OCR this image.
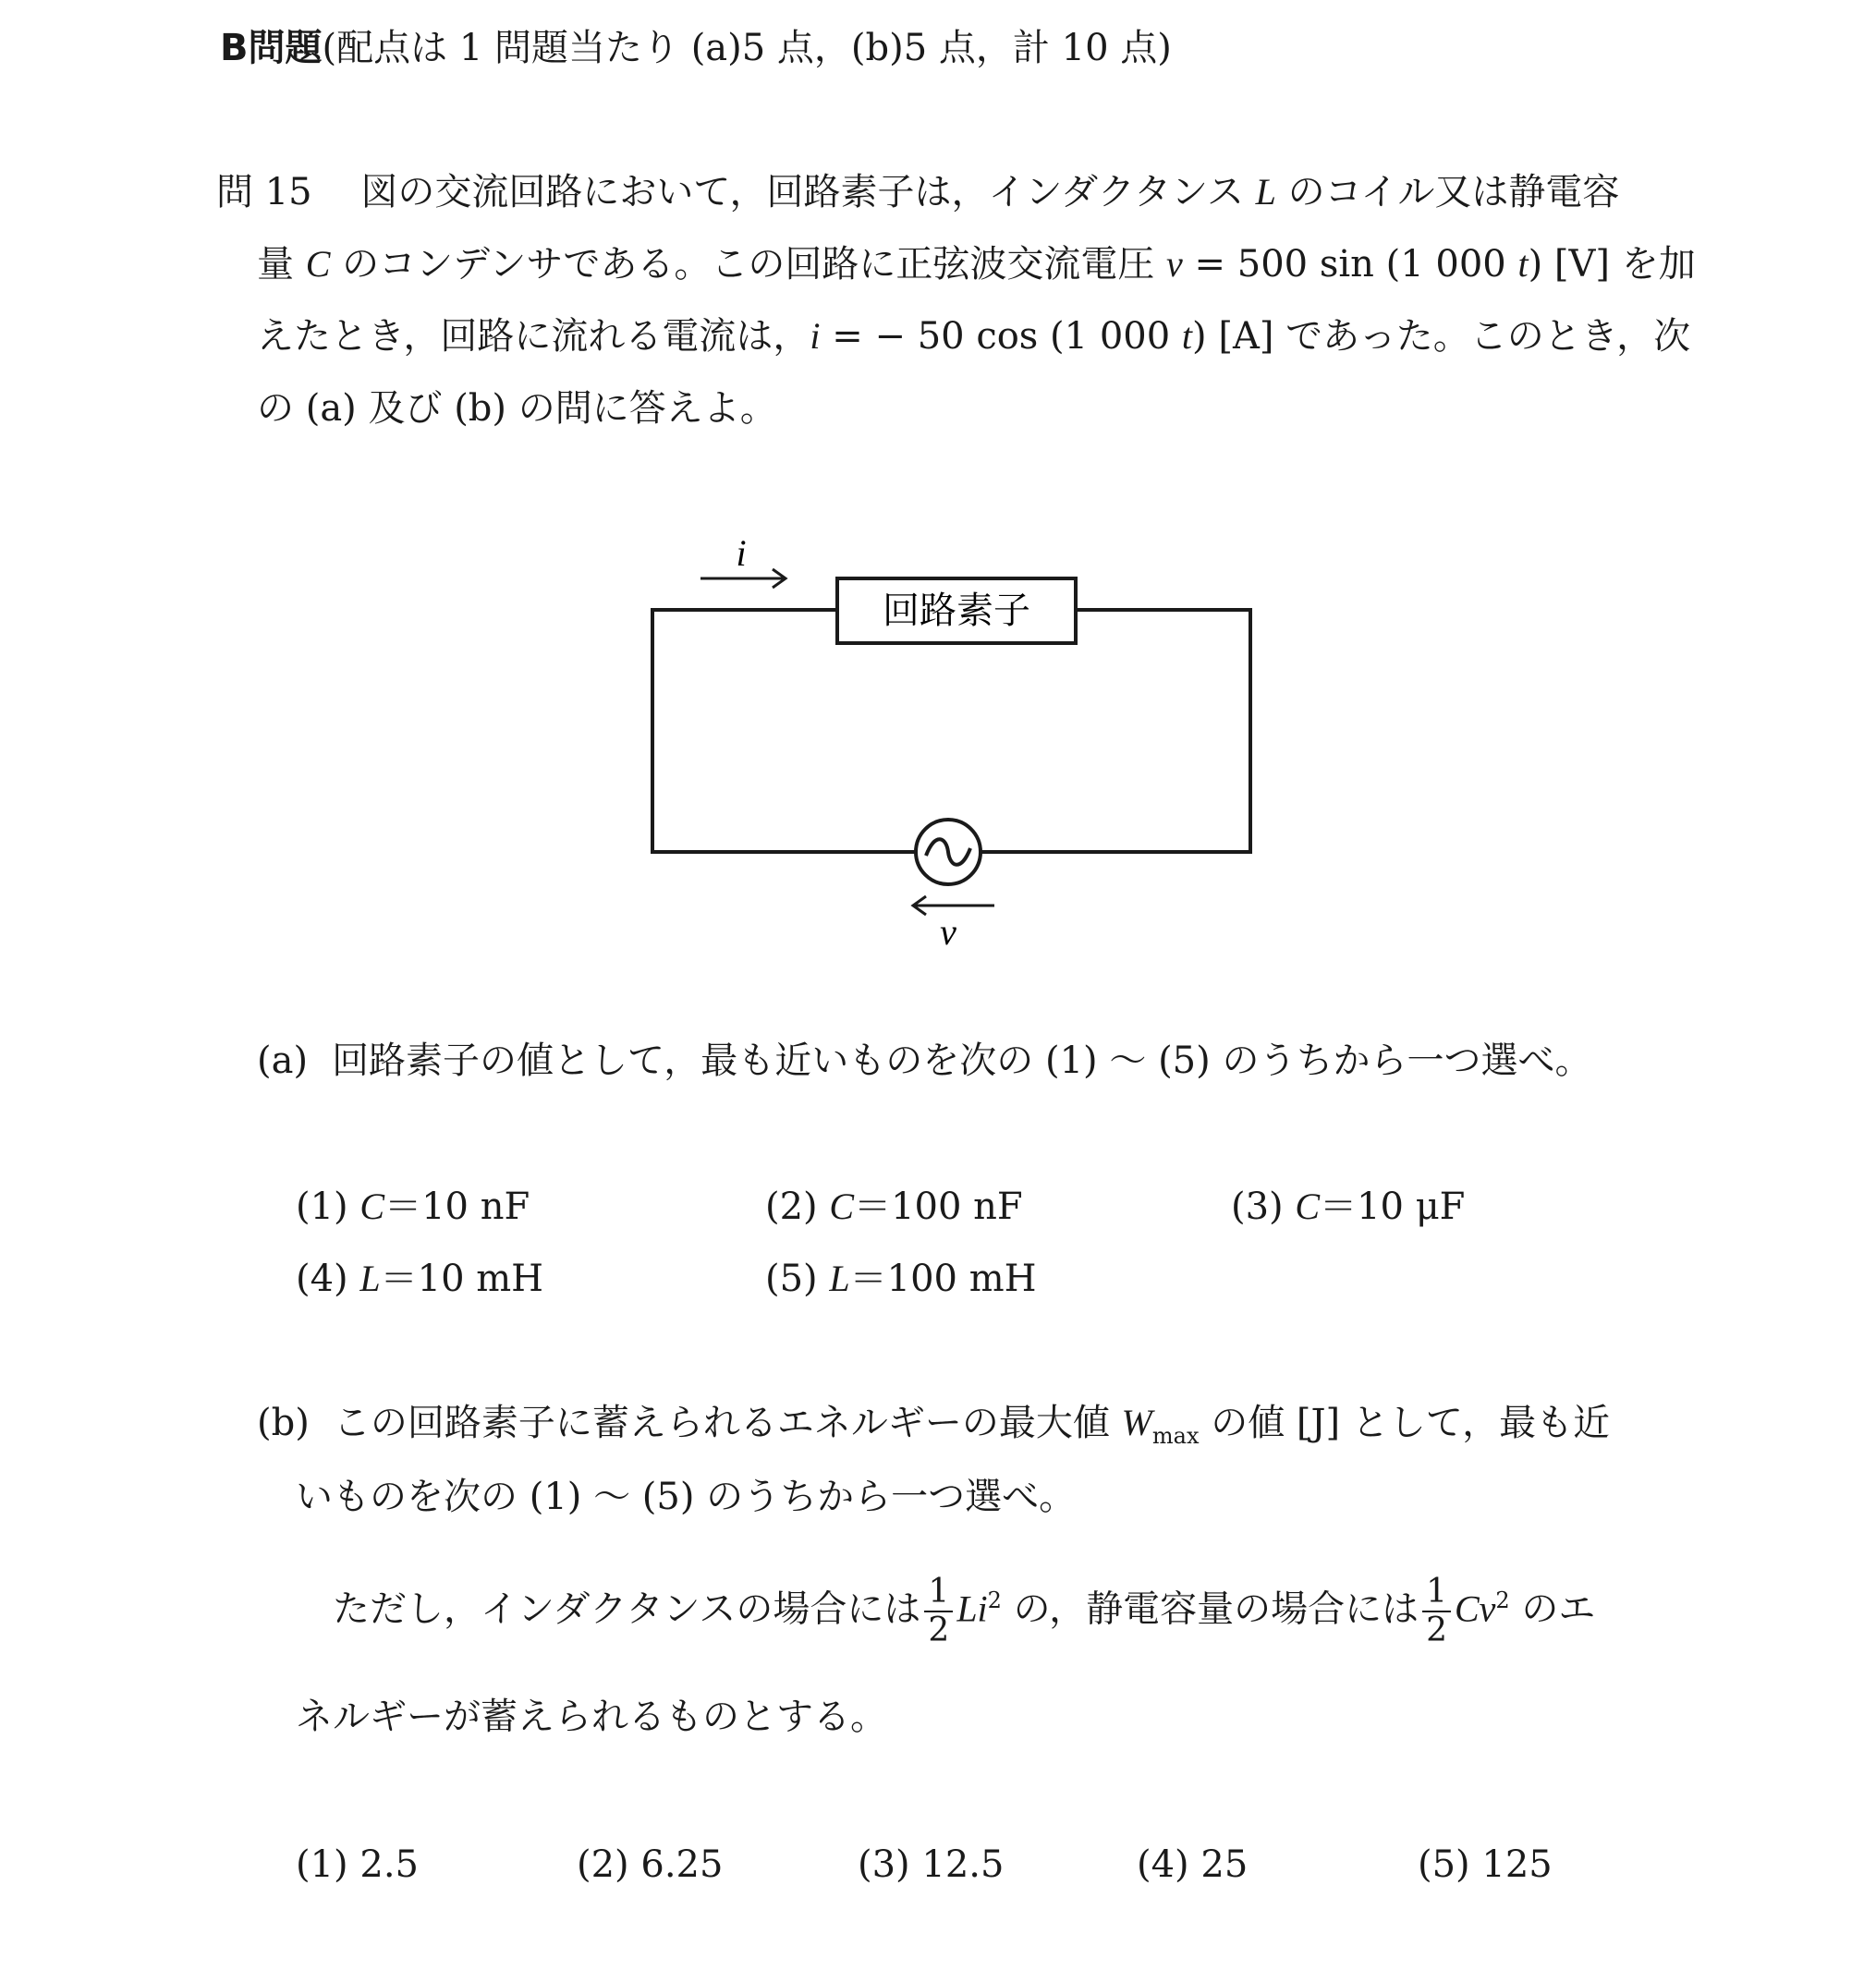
B問題(配点は 1 問題当たり (a)5 点，(b)5 点，計 10 点)
問 15 図の交流回路において，回路素子は，インダクタンス L のコイル又は静電容
量 C のコンデンサである。この回路に正弦波交流電圧 v = 500 sin (1 000 t) [V] を加
えたとき，回路に流れる電流は，i = − 50 cos (1 000 t) [A] であった。このとき，次
の (a) 及び (b) の問に答えよ。
i
回路素子
v
(a) 回路素子の値として，最も近いものを次の (1) ～ (5) のうちから一つ選べ。
(1) C＝10 nF	(2) C＝100 nF	(3) C＝10 μF
(4) L＝10 mH	(5) L＝100 mH
(b) この回路素子に蓄えられるエネルギーの最大値 $W_{max}$ の値 [J] として，最も近
いものを次の (1) ～ (5) のうちから一つ選べ。
ただし，インダクタンスの場合には $\frac{1}{2} Li^2$ の，静電容量の場合には $\frac{1}{2} Cv^2$ のエ
ネルギーが蓄えられるものとする。
(1) 2.5	(2) 6.25	(3) 12.5	(4) 25	(5) 125
